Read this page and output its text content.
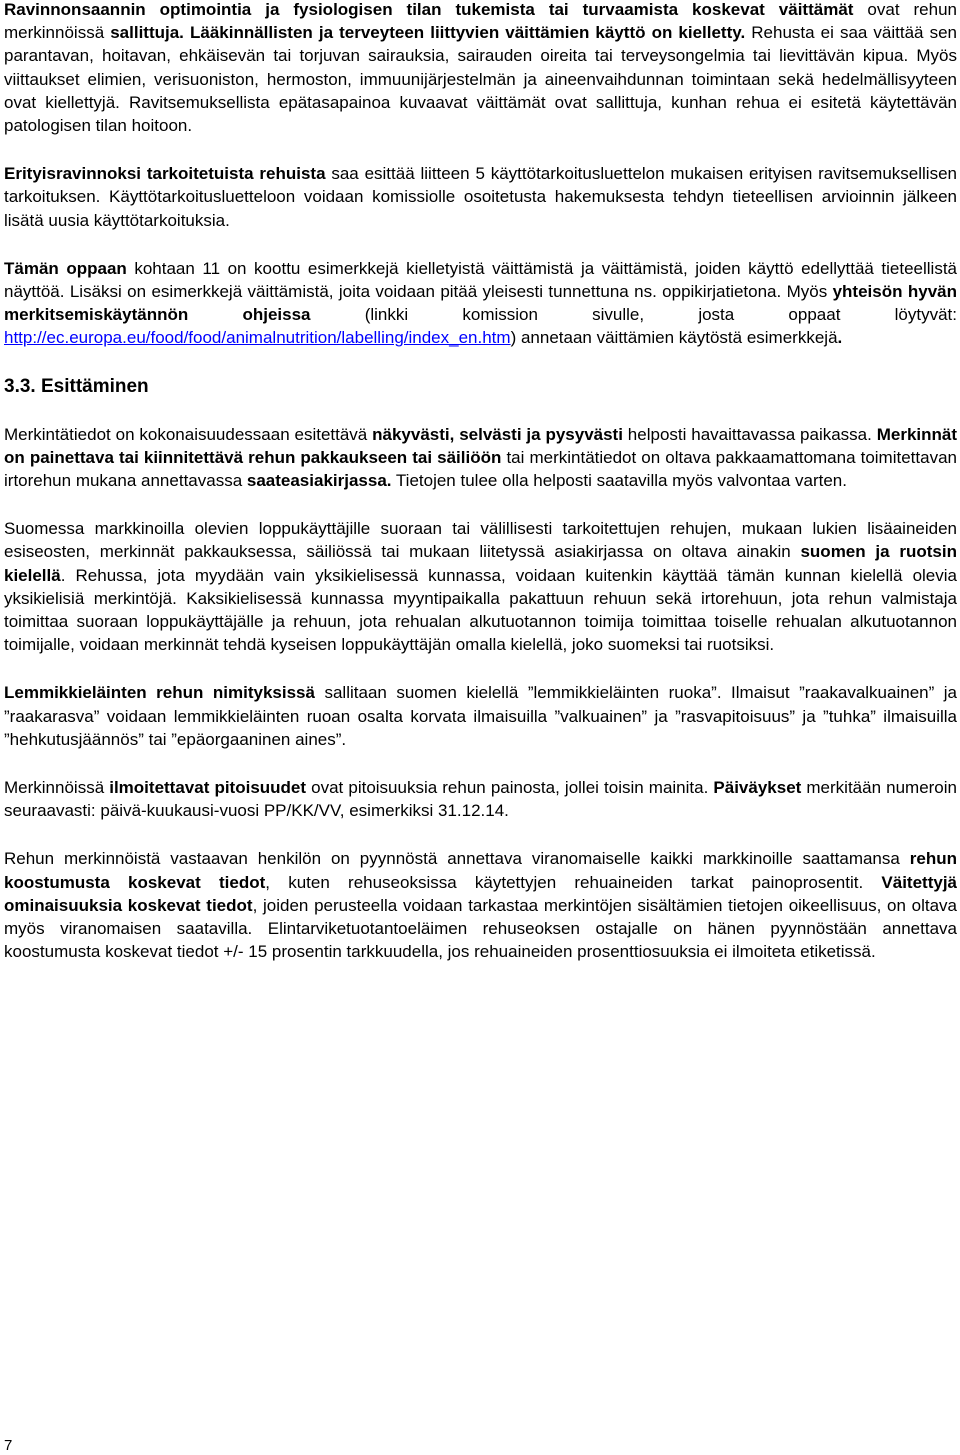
Ravinnonsaannin optimointia ja fysiologisen tilan tukemista tai turvaamista koskevat väittämät ovat rehun merkinnöissä sallittuja. Lääkinnällisten ja terveyteen liittyvien väittämien käyttö on kielletty. Rehusta ei saa väittää sen parantavan, hoitavan, ehkäisevän tai torjuvan sairauksia, sairauden oireita tai terveysongelmia tai lievittävän kipua. Myös viittaukset elimien, verisuoniston, hermoston, immuunijärjestelmän ja aineenvaihdunnan toimintaan sekä hedelmällisyyteen ovat kiellettyjä. Ravitsemuksellista epätasapainoa kuvaavat väittämät ovat sallittuja, kunhan rehua ei esitetä käytettävän patologisen tilan hoitoon.

Erityisravinnoksi tarkoitetuista rehuista saa esittää liitteen 5 käyttötarkoitusluettelon mukaisen erityisen ravitsemuksellisen tarkoituksen. Käyttötarkoitusluetteloon voidaan komissiolle osoitetusta hakemuksesta tehdyn tieteellisen arvioinnin jälkeen lisätä uusia käyttötarkoituksia.

Tämän oppaan kohtaan 11 on koottu esimerkkejä kielletyistä väittämistä ja väittämistä, joiden käyttö edellyttää tieteellistä näyttöä. Lisäksi on esimerkkejä väittämistä, joita voidaan pitää yleisesti tunnettuna ns. oppikirjatietona. Myös yhteisön hyvän merkitsemiskäytännön ohjeissa (linkki komission sivulle, josta oppaat löytyvät: http://ec.europa.eu/food/food/animalnutrition/labelling/index_en.htm) annetaan väittämien käytöstä esimerkkejä.

3.3. Esittäminen

Merkintätiedot on kokonaisuudessaan esitettävä näkyvästi, selvästi ja pysyvästi helposti havaittavassa paikassa. Merkinnät on painettava tai kiinnitettävä rehun pakkaukseen tai säiliöön tai merkintätiedot on oltava pakkaamattomana toimitettavan irtorehun mukana annettavassa saateasiakirjassa. Tietojen tulee olla helposti saatavilla myös valvontaa varten.

Suomessa markkinoilla olevien loppukäyttäjille suoraan tai välillisesti tarkoitettujen rehujen, mukaan lukien lisäaineiden esiseosten, merkinnät pakkauksessa, säiliössä tai mukaan liitetyssä asiakirjassa on oltava ainakin suomen ja ruotsin kielellä. Rehussa, jota myydään vain yksikielisessä kunnassa, voidaan kuitenkin käyttää tämän kunnan kielellä olevia yksikielisiä merkintöjä. Kaksikielisessä kunnassa myyntipaikalla pakattuun rehuun sekä irtorehuun, jota rehun valmistaja toimittaa suoraan loppukäyttäjälle ja rehuun, jota rehualan alkutuotannon toimija toimittaa toiselle rehualan alkutuotannon toimijalle, voidaan merkinnät tehdä kyseisen loppukäyttäjän omalla kielellä, joko suomeksi tai ruotsiksi.

Lemmikkieläinten rehun nimityksissä sallitaan suomen kielellä ”lemmikkieläinten ruoka”. Ilmaisut ”raakavalkuainen” ja ”raakarasva” voidaan lemmikkieläinten ruoan osalta korvata ilmaisuilla ”valkuainen” ja ”rasvapitoisuus” ja ”tuhka” ilmaisuilla ”hehkutusjäännös” tai ”epäorgaaninen aines”.

Merkinnöissä ilmoitettavat pitoisuudet ovat pitoisuuksia rehun painosta, jollei toisin mainita. Päiväykset merkitään numeroin seuraavasti: päivä-kuukausi-vuosi PP/KK/VV, esimerkiksi 31.12.14.

Rehun merkinnöistä vastaavan henkilön on pyynnöstä annettava viranomaiselle kaikki markkinoille saattamansa rehun koostumusta koskevat tiedot, kuten rehuseoksissa käytettyjen rehuaineiden tarkat painoprosentit. Väitettyjä ominaisuuksia koskevat tiedot, joiden perusteella voidaan tarkastaa merkintöjen sisältämien tietojen oikeellisuus, on oltava myös viranomaisen saatavilla. Elintarviketuotantoeläimen rehuseoksen ostajalle on hänen pyynnöstään annettava koostumusta koskevat tiedot +/- 15 prosentin tarkkuudella, jos rehuaineiden prosenttiosuuksia ei ilmoiteta etiketissä.

7
